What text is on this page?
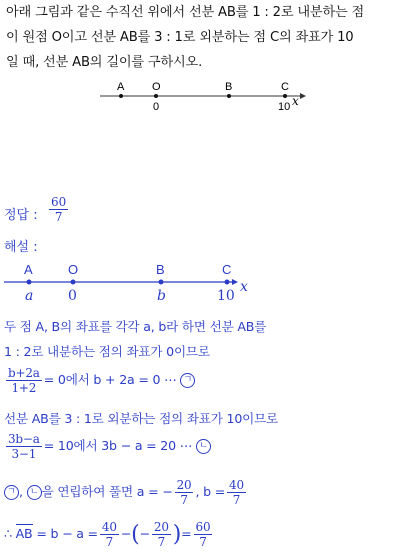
아래 그림과 같은 수직선 위에서 선분 AB를 1 : 2로 내분하는 점
이 원점 O이고 선분 AB를 3 : 1로 외분하는 점 C의 좌표가 10
일 때, 선분 AB의 길이를 구하시오.
A	O	B	C
0	10 x
정답 : $\frac{60}{7}$
해설 :
A	O	B	C
a 0	b	10
x
두 점 A, B의 좌표를 각각 a, b라 하면 선분 AB를
1 : 2로 내분하는 점의 좌표가 0이므로
$\frac{b+2a}{1+2} = 0$에서 b + 2a = 0 ⋯ ㄱ
선분 AB를 3 : 1로 외분하는 점의 좌표가 10이므로
$\frac{3b-a}{3-1} = 10$에서 3b − a = 20 ⋯ ㄴ
ㄱ , ㄴ 을 연립하여 풀면 a = − $\frac{20}{7}$ , $b = \frac{40}{7}$
∴ AB = $b - a = \frac{40}{7}$ −(− $\frac{20}{7}$ )= $\frac{60}{7}$
